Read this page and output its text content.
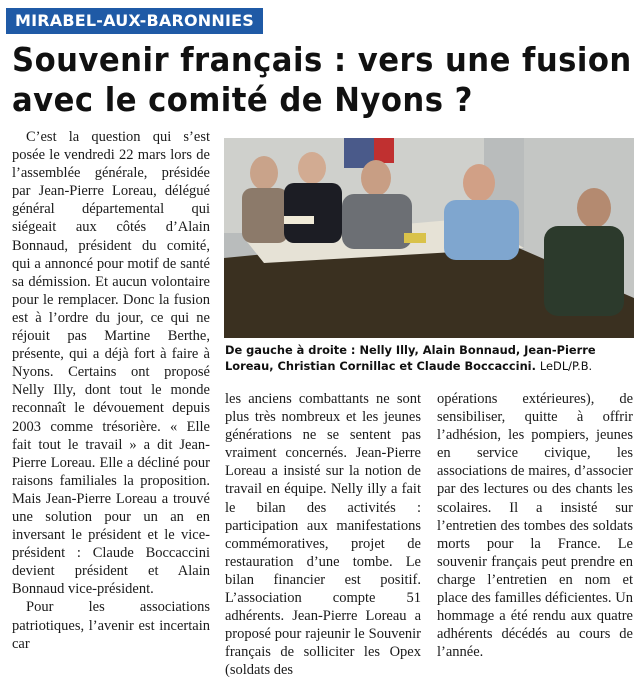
MIRABEL-AUX-BARONNIES
Souvenir français : vers une fusion
avec le comité de Nyons ?

C’est la question qui s’est posée le vendredi 22 mars lors de l’assemblée générale, présidée par Jean-Pierre Loreau, délégué général départemental qui siégeait aux côtés d’Alain Bonnaud, président du comité, qui a annoncé pour motif de santé sa démission. Et aucun volontaire pour le remplacer. Donc la fusion est à l’ordre du jour, ce qui ne réjouit pas Martine Berthe, présente, qui a déjà fort à faire à Nyons. Certains ont proposé Nelly Illy, dont tout le monde reconnaît le dévouement depuis 2003 comme trésorière. « Elle fait tout le travail » a dit Jean-Pierre Loreau. Elle a décliné pour raisons familiales la proposition. Mais Jean-Pierre Loreau a trouvé une solution pour un an en inversant le président et le vice-président : Claude Boccaccini devient président et Alain Bonnaud vice-président.

Pour les associations patriotiques, l’avenir est incertain car

De gauche à droite : Nelly Illy, Alain Bonnaud, Jean-Pierre Loreau, Christian Cornillac et Claude Boccaccini. LeDL/P.B.

les anciens combattants ne sont plus très nombreux et les jeunes générations ne se sentent pas vraiment concernés. Jean-Pierre Loreau a insisté sur la notion de travail en équipe. Nelly illy a fait le bilan des activités : participation aux manifestations commémoratives, projet de restauration d’une tombe. Le bilan financier est positif. L’association compte 51 adhérents. Jean-Pierre Loreau a proposé pour rajeunir le Souvenir français de solliciter les Opex (soldats des

opérations extérieures), de sensibiliser, quitte à offrir l’adhésion, les pompiers, jeunes en service civique, les associations de maires, d’associer par des lectures ou des chants les scolaires. Il a insisté sur l’entretien des tombes des soldats morts pour la France. Le souvenir français peut prendre en charge l’entretien en nom et place des familles déficientes. Un hommage a été rendu aux quatre adhérents décédés au cours de l’année.
